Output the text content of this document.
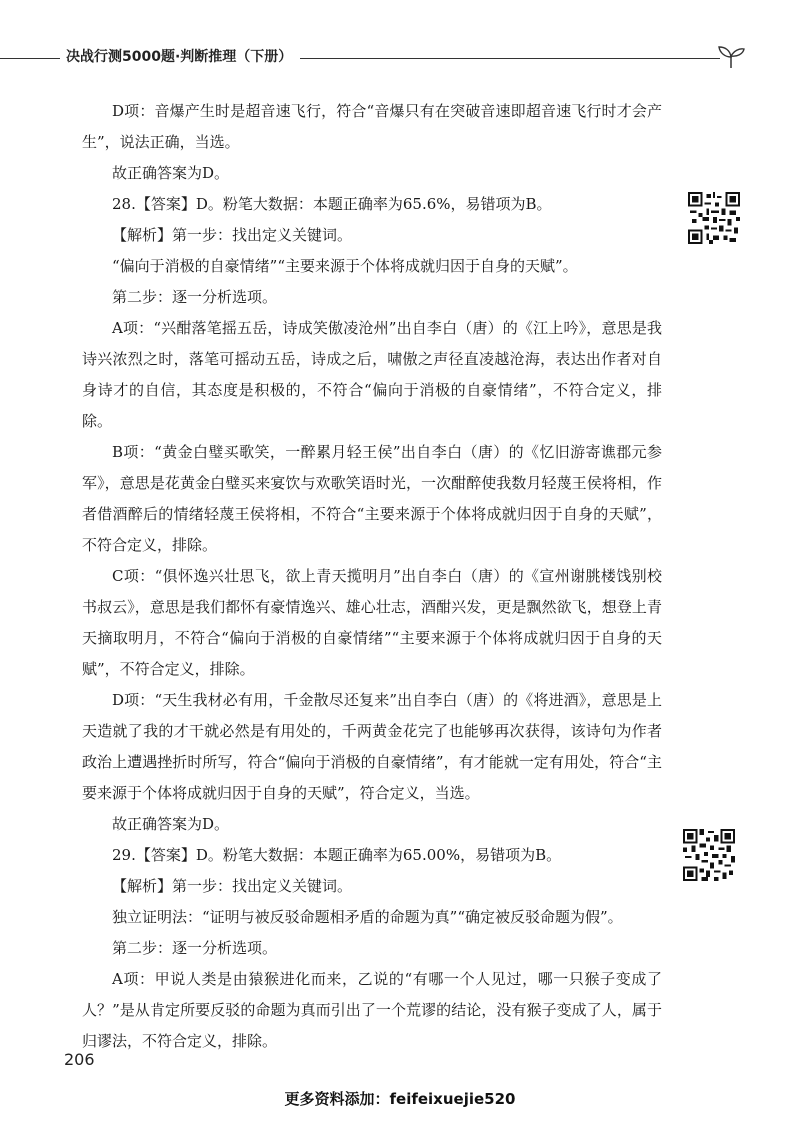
决战行测5000题·判断推理（下册）

D项：音爆产生时是超音速飞行，符合“音爆只有在突破音速即超音速飞行时才会产生”，说法正确，当选。

故正确答案为D。

28.【答案】D。粉笔大数据：本题正确率为65.6%，易错项为B。

【解析】第一步：找出定义关键词。

“偏向于消极的自豪情绪”“主要来源于个体将成就归因于自身的天赋”。

第二步：逐一分析选项。

A项：“兴酣落笔摇五岳，诗成笑傲凌沧州”出自李白（唐）的《江上吟》，意思是我诗兴浓烈之时，落笔可摇动五岳，诗成之后，啸傲之声径直凌越沧海，表达出作者对自身诗才的自信，其态度是积极的，不符合“偏向于消极的自豪情绪”，不符合定义，排除。

B项：“黄金白璧买歌笑，一醉累月轻王侯”出自李白（唐）的《忆旧游寄谯郡元参军》，意思是花黄金白璧买来宴饮与欢歌笑语时光，一次酣醉使我数月轻蔑王侯将相，作者借酒醉后的情绪轻蔑王侯将相，不符合“主要来源于个体将成就归因于自身的天赋”，不符合定义，排除。

C项：“俱怀逸兴壮思飞，欲上青天揽明月”出自李白（唐）的《宣州谢朓楼饯别校书叔云》，意思是我们都怀有豪情逸兴、雄心壮志，酒酣兴发，更是飘然欲飞，想登上青天摘取明月，不符合“偏向于消极的自豪情绪”“主要来源于个体将成就归因于自身的天赋”，不符合定义，排除。

D项：“天生我材必有用，千金散尽还复来”出自李白（唐）的《将进酒》，意思是上天造就了我的才干就必然是有用处的，千两黄金花完了也能够再次获得，该诗句为作者政治上遭遇挫折时所写，符合“偏向于消极的自豪情绪”，有才能就一定有用处，符合“主要来源于个体将成就归因于自身的天赋”，符合定义，当选。

故正确答案为D。

29.【答案】D。粉笔大数据：本题正确率为65.00%，易错项为B。

【解析】第一步：找出定义关键词。

独立证明法：“证明与被反驳命题相矛盾的命题为真”“确定被反驳命题为假”。

第二步：逐一分析选项。

A项：甲说人类是由猿猴进化而来，乙说的“有哪一个人见过，哪一只猴子变成了人？”是从肯定所要反驳的命题为真而引出了一个荒谬的结论，没有猴子变成了人，属于归谬法，不符合定义，排除。

206
更多资料添加：feifeixuejie520
